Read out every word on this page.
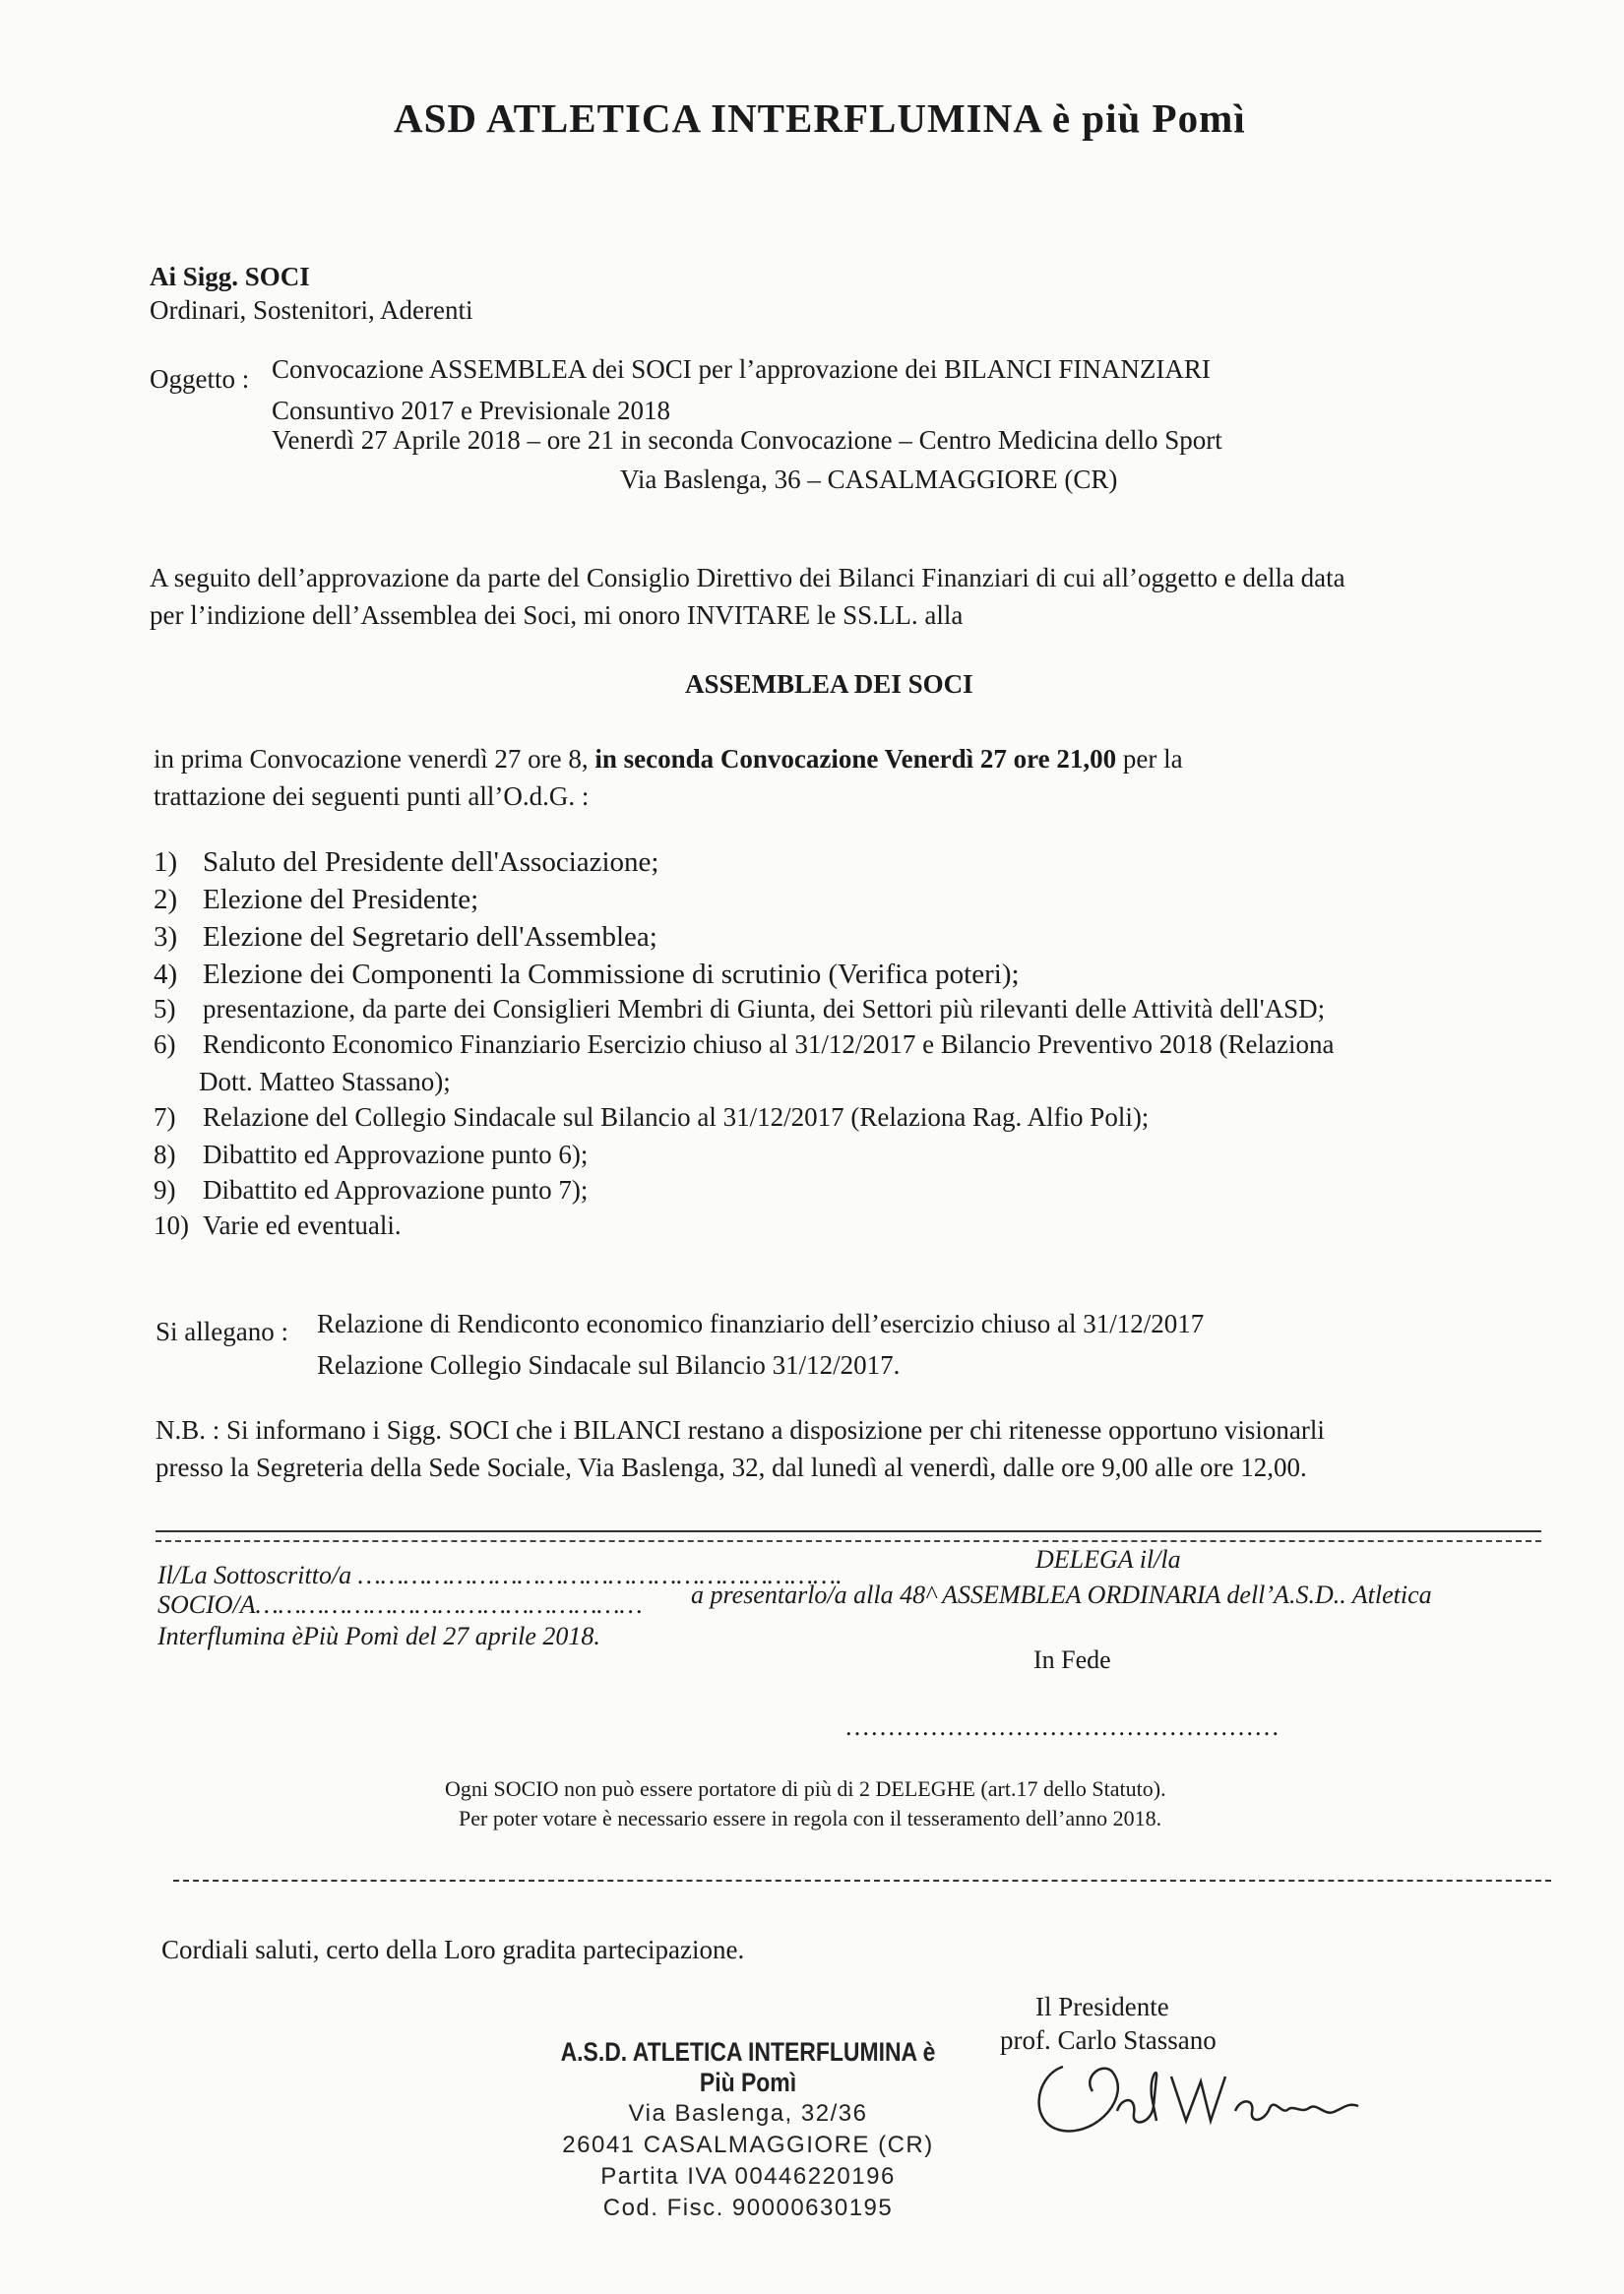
ASD ATLETICA INTERFLUMINA è più Pomì
Ai Sigg. SOCI
Ordinari, Sostenitori, Aderenti
Oggetto : Convocazione ASSEMBLEA dei SOCI per l’approvazione dei BILANCI FINANZIARI
Consuntivo 2017 e Previsionale 2018
Venerdì 27 Aprile 2018 – ore 21 in seconda Convocazione – Centro Medicina dello Sport
Via Baslenga, 36 – CASALMAGGIORE (CR)
A seguito dell’approvazione da parte del Consiglio Direttivo dei Bilanci Finanziari di cui all’oggetto e della data
per l’indizione dell’Assemblea dei Soci, mi onoro INVITARE le SS.LL. alla
ASSEMBLEA DEI SOCI
in prima Convocazione venerdì 27 ore 8, in seconda Convocazione Venerdì 27 ore 21,00 per la
trattazione dei seguenti punti all’O.d.G. :
1) Saluto del Presidente dell'Associazione;
2) Elezione del Presidente;
3) Elezione del Segretario dell'Assemblea;
4) Elezione dei Componenti la Commissione di scrutinio (Verifica poteri);
5) presentazione, da parte dei Consiglieri Membri di Giunta, dei Settori più rilevanti delle Attività dell'ASD;
6) Rendiconto Economico Finanziario Esercizio chiuso al 31/12/2017 e Bilancio Preventivo 2018 (Relaziona
Dott. Matteo Stassano);
7) Relazione del Collegio Sindacale sul Bilancio al 31/12/2017 (Relaziona Rag. Alfio Poli);
8) Dibattito ed Approvazione punto 6);
9) Dibattito ed Approvazione punto 7);
10) Varie ed eventuali.
Si allegano : Relazione di Rendiconto economico finanziario dell’esercizio chiuso al 31/12/2017
Relazione Collegio Sindacale sul Bilancio 31/12/2017.
N.B. : Si informano i Sigg. SOCI che i BILANCI restano a disposizione per chi ritenesse opportuno visionarli
presso la Segreteria della Sede Sociale, Via Baslenga, 32, dal lunedì al venerdì, dalle ore 9,00 alle ore 12,00.
Il/La Sottoscritto/a ……………………………………………………….
DELEGA il/la
SOCIO/A…………………………………………… a presentarlo/a alla 48^ ASSEMBLEA ORDINARIA dell’A.S.D.. Atletica
Interflumina èPiù Pomì del 27 aprile 2018.
In Fede
……………………………………………
Ogni SOCIO non può essere portatore di più di 2 DELEGHE (art.17 dello Statuto).
Per poter votare è necessario essere in regola con il tesseramento dell’anno 2018.
Cordiali saluti, certo della Loro gradita partecipazione.
Il Presidente
prof. Carlo Stassano
A.S.D. ATLETICA INTERFLUMINA è Più Pomì
Via Baslenga, 32/36
26041 CASALMAGGIORE (CR)
Partita IVA 00446220196
Cod. Fisc. 90000630195
